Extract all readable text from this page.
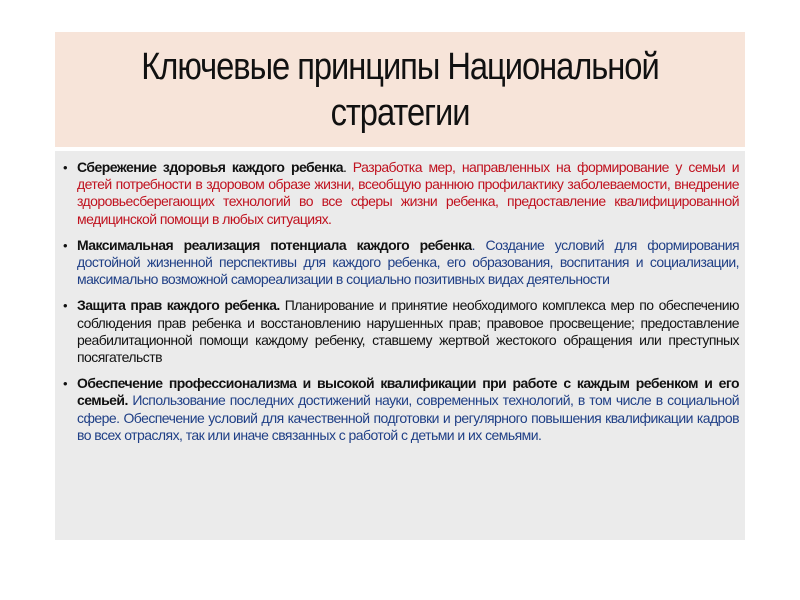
Ключевые принципы Национальной стратегии
• Сбережение здоровья каждого ребенка. Разработка мер, направленных на формирование у семьи и детей потребности в здоровом образе жизни, всеобщую раннюю профилактику заболеваемости, внедрение здоровьесберегающих технологий во все сферы жизни ребенка, предоставление квалифицированной медицинской помощи в любых ситуациях.
• Максимальная реализация потенциала каждого ребенка. Создание условий для формирования достойной жизненной перспективы для каждого ребенка, его образования, воспитания и социализации, максимально возможной самореализации в социально позитивных видах деятельности
• Защита прав каждого ребенка. Планирование и принятие необходимого комплекса мер по обеспечению соблюдения прав ребенка и восстановлению нарушенных прав; правовое просвещение; предоставление реабилитационной помощи каждому ребенку, ставшему жертвой жестокого обращения или преступных посягательств
• Обеспечение профессионализма и высокой квалификации при работе с каждым ребенком и его семьей. Использование последних достижений науки, современных технологий, в том числе в социальной сфере. Обеспечение условий для качественной подготовки и регулярного повышения квалификации кадров во всех отраслях, так или иначе связанных с работой с детьми и их семьями.
